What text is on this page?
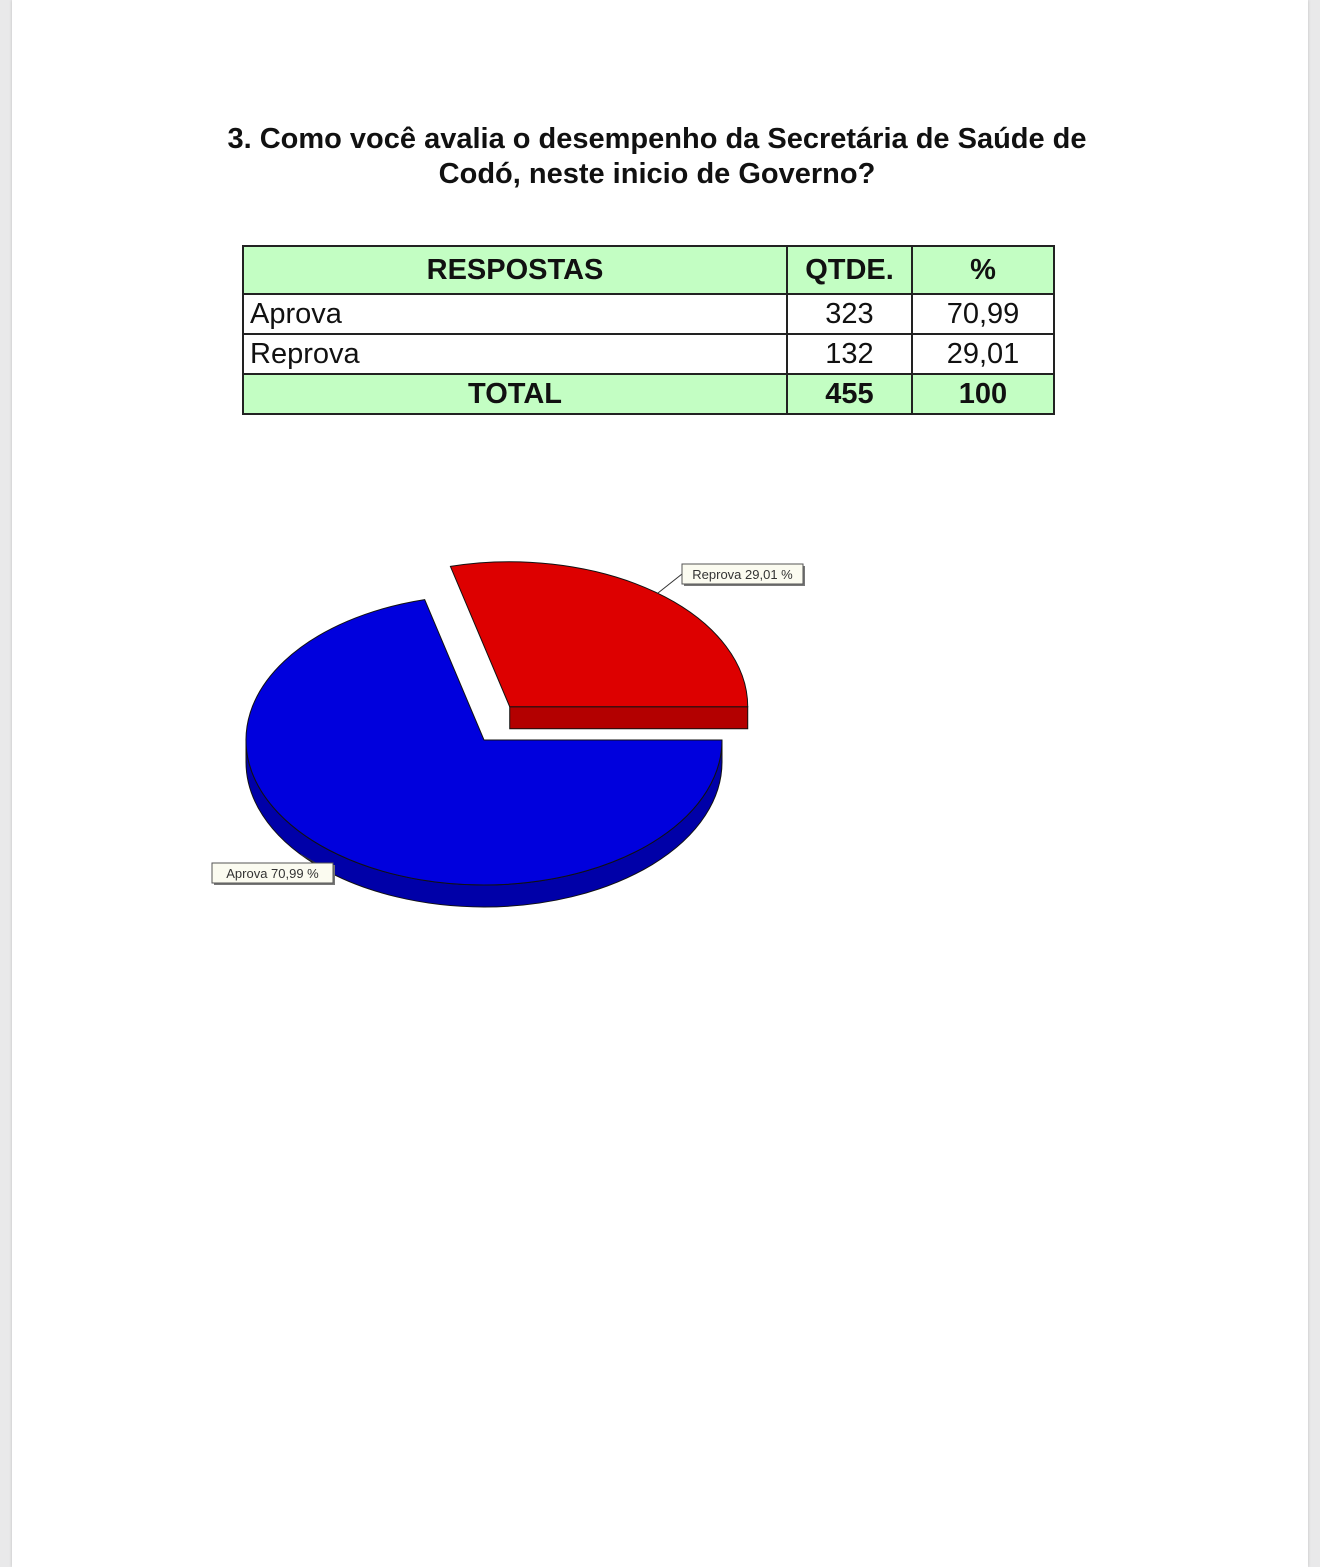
3. Como você avalia o desempenho da Secretária de Saúde de
Codó, neste inicio de Governo?
RESPOSTAS	QTDE.	%
Aprova	323	70,99
Reprova	132	29,01
TOTAL	455	100
Aprova 70,99 %
Reprova 29,01 %
